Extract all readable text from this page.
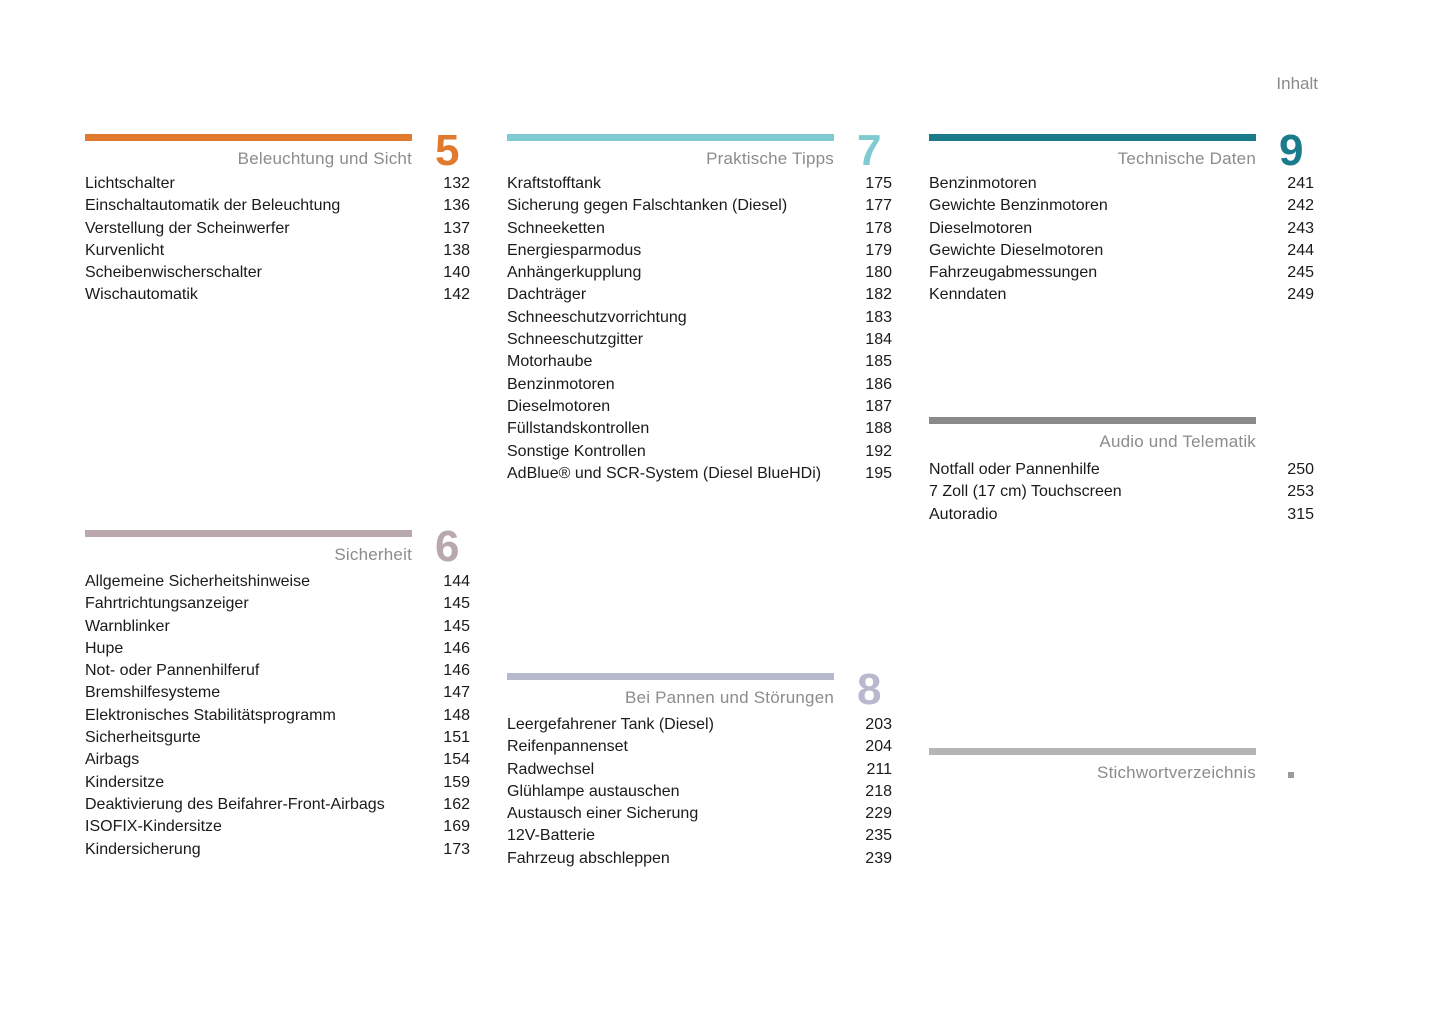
Inhalt
Beleuchtung und Sicht 5
Lichtschalter	132
Einschaltautomatik der Beleuchtung	136
Verstellung der Scheinwerfer	137
Kurvenlicht	138
Scheibenwischerschalter	140
Wischautomatik	142
Sicherheit 6
Allgemeine Sicherheitshinweise	144
Fahrtrichtungsanzeiger	145
Warnblinker	145
Hupe	146
Not- oder Pannenhilferuf	146
Bremshilfesysteme	147
Elektronisches Stabilitätsprogramm	148
Sicherheitsgurte	151
Airbags	154
Kindersitze	159
Deaktivierung des Beifahrer-Front-Airbags	162
ISOFIX-Kindersitze	169
Kindersicherung	173
Praktische Tipps 7
Kraftstofftank	175
Sicherung gegen Falschtanken (Diesel)	177
Schneeketten	178
Energiesparmodus	179
Anhängerkupplung	180
Dachträger	182
Schneeschutzvorrichtung	183
Schneeschutzgitter	184
Motorhaube	185
Benzinmotoren	186
Dieselmotoren	187
Füllstandskontrollen	188
Sonstige Kontrollen	192
AdBlue® und SCR-System (Diesel BlueHDi)	195
Bei Pannen und Störungen 8
Leergefahrener Tank (Diesel)	203
Reifenpannenset	204
Radwechsel	211
Glühlampe austauschen	218
Austausch einer Sicherung	229
12V-Batterie	235
Fahrzeug abschleppen	239
Technische Daten 9
Benzinmotoren	241
Gewichte Benzinmotoren	242
Dieselmotoren	243
Gewichte Dieselmotoren	244
Fahrzeugabmessungen	245
Kenndaten	249
Audio und Telematik
Notfall oder Pannenhilfe	250
7 Zoll (17 cm) Touchscreen	253
Autoradio	315
Stichwortverzeichnis
